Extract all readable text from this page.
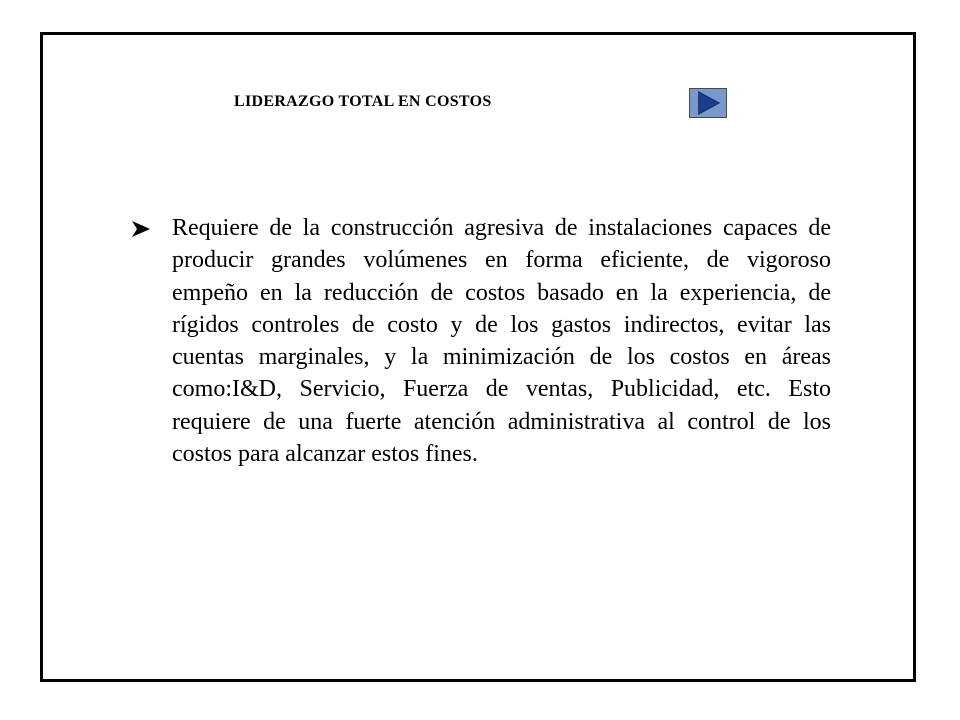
LIDERAZGO TOTAL EN COSTOS

Requiere de la construcción agresiva de instalaciones capaces de producir grandes volúmenes en forma eficiente, de vigoroso empeño en la reducción de costos basado en la experiencia, de rígidos controles de costo y de los gastos indirectos, evitar las cuentas marginales, y la minimización de los costos en áreas como:I&D, Servicio, Fuerza de ventas, Publicidad, etc. Esto requiere de una fuerte atención administrativa al control de los costos para alcanzar estos fines.
